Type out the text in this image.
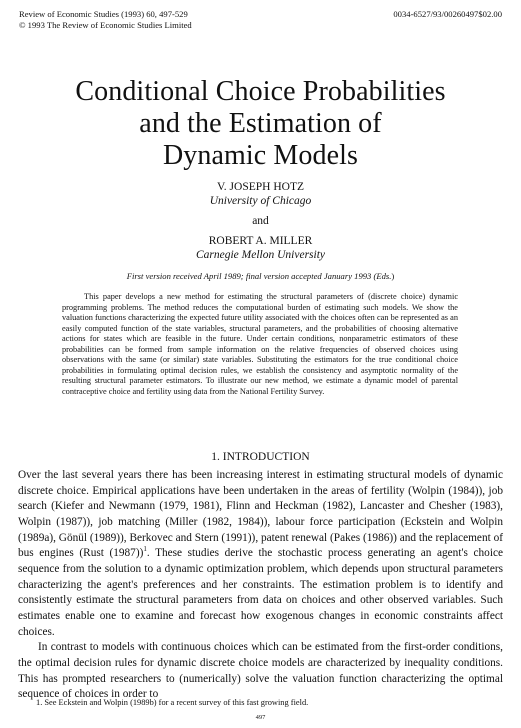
Review of Economic Studies (1993) 60, 497-529
© 1993 The Review of Economic Studies Limited
0034-6527/93/00260497$02.00
Conditional Choice Probabilities
and the Estimation of
Dynamic Models
V. JOSEPH HOTZ
University of Chicago
and
ROBERT A. MILLER
Carnegie Mellon University
First version received April 1989; final version accepted January 1993 (Eds.)

This paper develops a new method for estimating the structural parameters of (discrete choice) dynamic programming problems. The method reduces the computational burden of estimating such models. We show the valuation functions characterizing the expected future utility associated with the choices often can be represented as an easily computed function of the state variables, structural parameters, and the probabilities of choosing alternative actions for states which are feasible in the future. Under certain conditions, nonparametric estimators of these probabilities can be formed from sample information on the relative frequencies of observed choices using observations with the same (or similar) state variables. Substituting the estimators for the true conditional choice probabilities in formulating optimal decision rules, we establish the consistency and asymptotic normality of the resulting structural parameter estimators. To illustrate our new method, we estimate a dynamic model of parental contraceptive choice and fertility using data from the National Fertility Survey.

1. INTRODUCTION

Over the last several years there has been increasing interest in estimating structural models of dynamic discrete choice. Empirical applications have been undertaken in the areas of fertility (Wolpin (1984)), job search (Kiefer and Newmann (1979, 1981), Flinn and Heckman (1982), Lancaster and Chesher (1983), Wolpin (1987)), job matching (Miller (1982, 1984)), labour force participation (Eckstein and Wolpin (1989a), Gönül (1989)), Berkovec and Stern (1991)), patent renewal (Pakes (1986)) and the replacement of bus engines (Rust (1987))$^1$. These studies derive the stochastic process generating an agent's choice sequence from the solution to a dynamic optimization problem, which depends upon structural parameters characterizing the agent's preferences and her constraints. The estimation problem is to identify and consistently estimate the structural parameters from data on choices and other observed variables. Such estimates enable one to examine and forecast how exogenous changes in economic constraints affect choices.

In contrast to models with continuous choices which can be estimated from the first-order conditions, the optimal decision rules for dynamic discrete choice models are characterized by inequality conditions. This has prompted researchers to (numerically) solve the valuation function characterizing the optimal sequence of choices in order to

1. See Eckstein and Wolpin (1989b) for a recent survey of this fast growing field.
497
